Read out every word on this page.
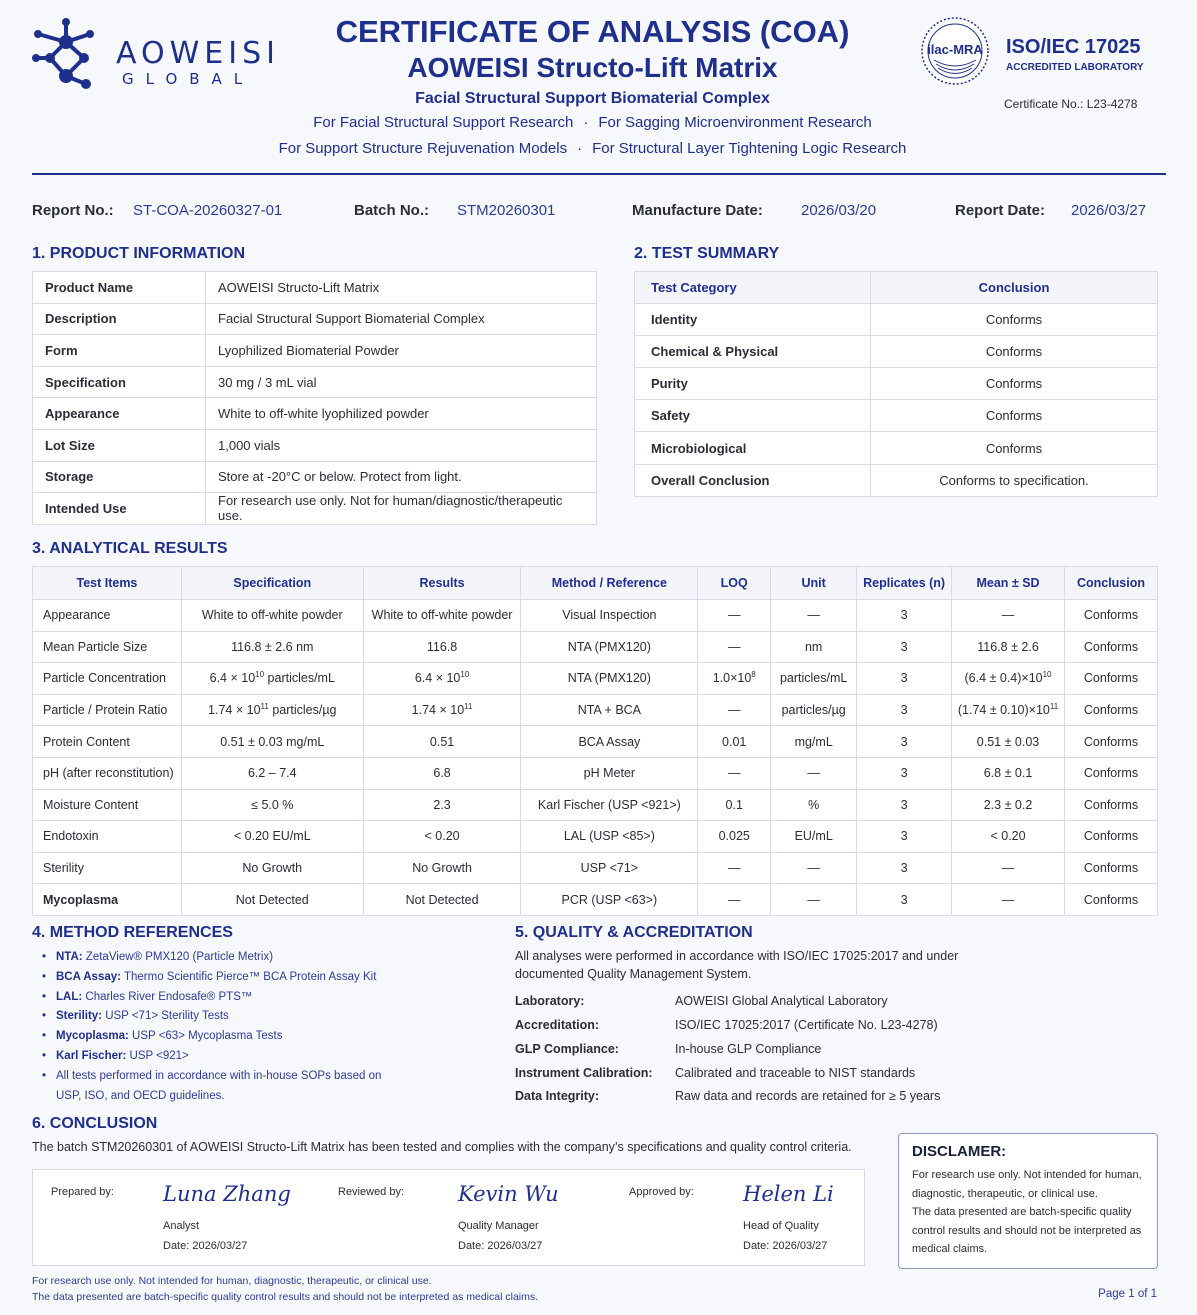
AOWEISI
GLOBAL
CERTIFICATE OF ANALYSIS (COA)
AOWEISI Structo-Lift Matrix
Facial Structural Support Biomaterial Complex
For Facial Structural Support Research · For Sagging Microenvironment Research
For Support Structure Rejuvenation Models · For Structural Layer Tightening Logic Research
ilac-MRA ISO/IEC 17025
ACCREDITED LABORATORY
Certificate No.: L23-4278
Report No.: ST-COA-20260327-01	Batch No.: STM20260301	Manufacture Date:	2026/03/20	Report Date: 2026/03/27
1. PRODUCT INFORMATION
Product Name	AOWEISI Structo-Lift Matrix
Description	Facial Structural Support Biomaterial Complex
Form	Lyophilized Biomaterial Powder
Specification	30 mg / 3 mL vial
Appearance	White to off-white lyophilized powder
Lot Size	1,000 vials
Storage	Store at -20°C or below. Protect from light.
Intended Use	For research use only. Not for human/diagnostic/therapeutic use.
2. TEST SUMMARY
Test Category	Conclusion
Identity	Conforms
Chemical & Physical	Conforms
Purity	Conforms
Safety	Conforms
Microbiological	Conforms
Overall Conclusion	Conforms to specification.
3. ANALYTICAL RESULTS
Test Items	Specification	Results	Method / Reference	LOQ	Unit	Replicates (n)	Mean ± SD	Conclusion
Appearance	White to off-white powder	White to off-white powder	Visual Inspection	—	—	3	—	Conforms
Mean Particle Size	116.8 ± 2.6 nm	116.8	NTA (PMX120)	—	nm	3	116.8 ± 2.6	Conforms
Particle Concentration	$6.4 \times 10^{10}$ particles/mL	$6.4 \times 10^{10}$	NTA (PMX120)	$1.0\times 10^8$	particles/mL	3	$(6.4 \pm 0.4)\times 10^{10}$	Conforms
Particle / Protein Ratio	$1.74 \times 10^{11}$ particles/µg	$1.74 \times 10^{11}$	NTA + BCA	—	particles/µg	3	$(1.74 \pm 0.10)\times 10^{11}$	Conforms
Protein Content	0.51 ± 0.03 mg/mL	0.51	BCA Assay	0.01	mg/mL	3	0.51 ± 0.03	Conforms
pH (after reconstitution)	6.2 – 7.4	6.8	pH Meter	—	—	3	6.8 ± 0.1	Conforms
Moisture Content	≤ 5.0 %	2.3	Karl Fischer (USP <921>)	0.1	%	3	2.3 ± 0.2	Conforms
Endotoxin	< 0.20 EU/mL	< 0.20	LAL (USP <85>)	0.025	EU/mL	3	< 0.20	Conforms
Sterility	No Growth	No Growth	USP <71>	—	—	3	—	Conforms
Mycoplasma	Not Detected	Not Detected	PCR (USP <63>)	—	—	3	—	Conforms
4. METHOD REFERENCES
• NTA: ZetaView® PMX120 (Particle Metrix)
• BCA Assay: Thermo Scientific Pierce™ BCA Protein Assay Kit
• LAL: Charles River Endosafe® PTS™
• Sterility: USP <71> Sterility Tests
• Mycoplasma: USP <63> Mycoplasma Tests
• Karl Fischer: USP <921>
• All tests performed in accordance with in-house SOPs based on
USP, ISO, and OECD guidelines.
5. QUALITY & ACCREDITATION
All analyses were performed in accordance with ISO/IEC 17025:2017 and under
documented Quality Management System.
Laboratory:	AOWEISI Global Analytical Laboratory
Accreditation:	ISO/IEC 17025:2017 (Certificate No. L23-4278)
GLP Compliance:	In-house GLP Compliance
Instrument Calibration:	Calibrated and traceable to NIST standards
Data Integrity:	Raw data and records are retained for ≥ 5 years
6. CONCLUSION
The batch STM20260301 of AOWEISI Structo-Lift Matrix has been tested and complies with the company’s specifications and quality control criteria.
Prepared by: Luna Zhang
Analyst
Date: 2026/03/27
Reviewed by:	Kevin Wu
Quality Manager
Date: 2026/03/27
Approved by: Helen Li
Head of Quality
Date: 2026/03/27
DISCLAMER:

For research use only. Not intended for human, diagnostic, therapeutic, or clinical use.

The data presented are batch-specific quality control results and should not be interpreted as medical claims.

For research use only. Not intended for human, diagnostic, therapeutic, or clinical use.
The data presented are batch-specific quality control results and should not be interpreted as medical claims.	Page 1 of 1
